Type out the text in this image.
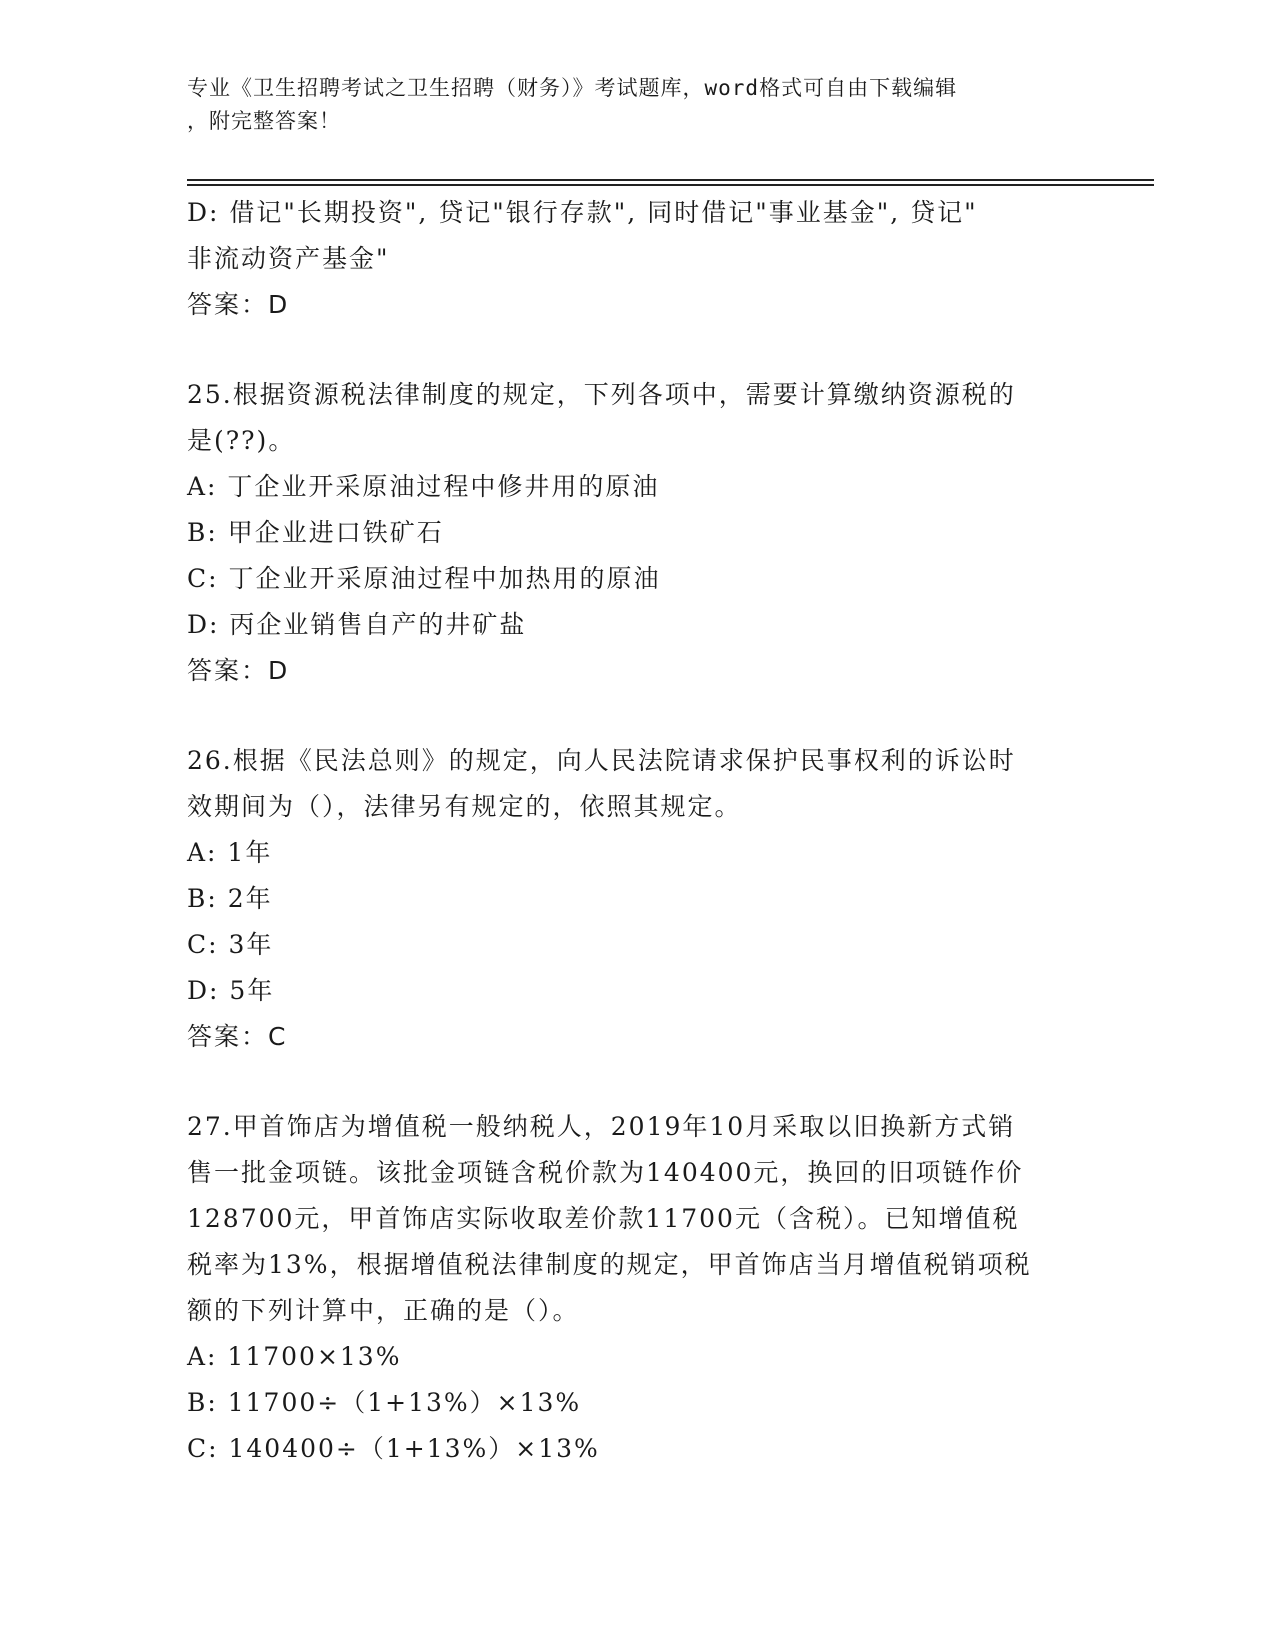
专业《卫生招聘考试之卫生招聘（财务）》考试题库，word格式可自由下载编辑
，附完整答案！
D: 借记"长期投资", 贷记"银行存款", 同时借记"事业基金", 贷记"
非流动资产基金"
答案：D
25.根据资源税法律制度的规定，下列各项中，需要计算缴纳资源税的
是(??)。
A: 丁企业开采原油过程中修井用的原油
B: 甲企业进口铁矿石
C: 丁企业开采原油过程中加热用的原油
D: 丙企业销售自产的井矿盐
答案：D
26.根据《民法总则》的规定，向人民法院请求保护民事权利的诉讼时
效期间为（），法律另有规定的，依照其规定。
A: 1年
B: 2年
C: 3年
D: 5年
答案：C
27.甲首饰店为增值税一般纳税人，2019年10月采取以旧换新方式销
售一批金项链。该批金项链含税价款为140400元，换回的旧项链作价
128700元，甲首饰店实际收取差价款11700元（含税）。已知增值税
税率为13%，根据增值税法律制度的规定，甲首饰店当月增值税销项税
额的下列计算中，正确的是（）。
A: 11700×13%
B: 11700÷（1+13%）×13%
C: 140400÷（1+13%）×13%
